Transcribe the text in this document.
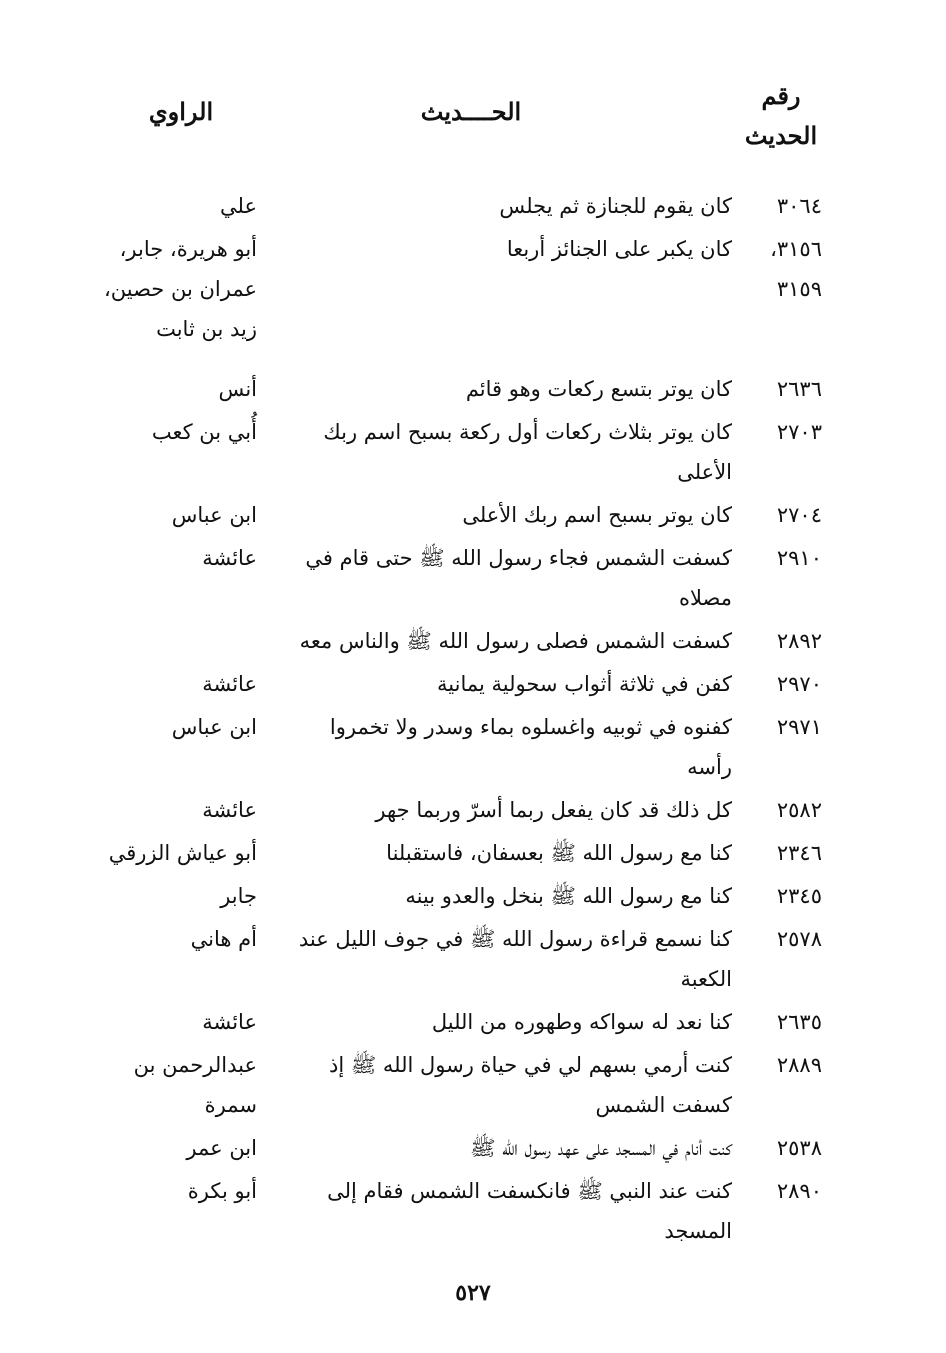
رقم
الحديث
الحــــديث
الراوي
٣٠٦٤
كان يقوم للجنازة ثم يجلس
علي
٣١٥٦،
٣١٥٩
كان يكبر على الجنائز أربعا
أبو هريرة، جابر،
عمران بن حصين،
زيد بن ثابت
٢٦٣٦
كان يوتر بتسع ركعات وهو قائم
أنس
٢٧٠٣
كان يوتر بثلاث ركعات أول ركعة بسبح اسم ربك
الأعلى
أُبي بن كعب
٢٧٠٤
كان يوتر بسبح اسم ربك الأعلى
ابن عباس
٢٩١٠
كسفت الشمس فجاء رسول الله ﷺ حتى قام في
مصلاه
عائشة
٢٨٩٢
كسفت الشمس فصلى رسول الله ﷺ والناس معه
٢٩٧٠
كفن في ثلاثة أثواب سحولية يمانية
عائشة
٢٩٧١
كفنوه في ثوبيه واغسلوه بماء وسدر ولا تخمروا
رأسه
ابن عباس
٢٥٨٢
كل ذلك قد كان يفعل ربما أسرّ وربما جهر
عائشة
٢٣٤٦
كنا مع رسول الله ﷺ بعسفان، فاستقبلنا
أبو عياش الزرقي
٢٣٤٥
كنا مع رسول الله ﷺ بنخل والعدو بينه
جابر
٢٥٧٨
كنا نسمع قراءة رسول الله ﷺ في جوف الليل عند
الكعبة
أم هاني
٢٦٣٥
كنا نعد له سواكه وطهوره من الليل
عائشة
٢٨٨٩
كنت أرمي بسهم لي في حياة رسول الله ﷺ إذ
كسفت الشمس
عبدالرحمن بن
سمرة
٢٥٣٨
كنت أنام في المسجد على عهد رسول الله ﷺ
ابن عمر
٢٨٩٠
كنت عند النبي ﷺ فانكسفت الشمس فقام إلى
المسجد
أبو بكرة
٥٢٧
